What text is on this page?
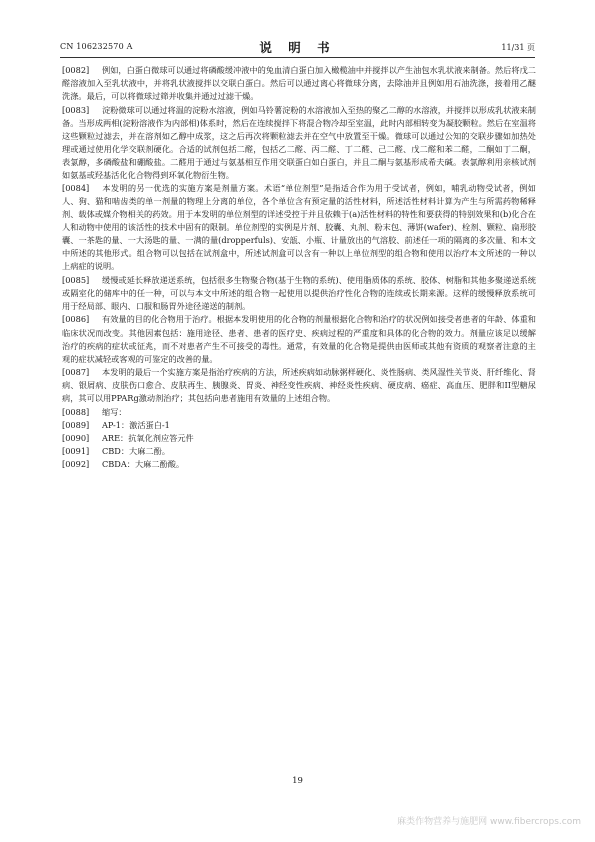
CN 106232570 A	说 明 书	11/31 页

[0082] 例如，白蛋白微球可以通过将磷酸缓冲液中的兔血清白蛋白加入橄榄油中并搅拌以产生油包水乳状液来制备。然后将戊二醛溶液加入至乳状液中，并将乳状液搅拌以交联白蛋白。然后可以通过离心将微球分离，去除油并且例如用石油洗涤，接着用乙醚洗涤。最后，可以将微球过筛并收集并通过过滤干燥。

[0083] 淀粉微球可以通过将温的淀粉水溶液，例如马铃薯淀粉的水溶液加入至热的聚乙二醇的水溶液，并搅拌以形成乳状液来制备。当形成两相(淀粉溶液作为内部相)体系时，然后在连续搅拌下将混合物冷却至室温，此时内部相转变为凝胶颗粒。然后在室温将这些颗粒过滤去，并在溶剂如乙醇中成浆，这之后再次将颗粒滤去并在空气中放置至干燥。微球可以通过公知的交联步骤如加热处理或通过使用化学交联剂硬化。合适的试剂包括二醛，包括乙二醛、丙二醛、丁二醛、己二醛、戊二醛和苯二醛，二酮如丁二酮，表氯醇，多磷酸盐和硼酸盐。二醛用于通过与氨基相互作用交联蛋白如白蛋白，并且二酮与氨基形成希夫碱。表氯醇利用亲核试剂如氨基或羟基活化化合物得到环氧化物衍生物。

[0084] 本发明的另一优选的实施方案是剂量方案。术语“单位剂型”是指适合作为用于受试者，例如，哺乳动物受试者，例如人、狗、猫和啮齿类的单一剂量的物理上分离的单位，各个单位含有预定量的活性材料，所述活性材料计算为产生与所需药物稀释剂、载体或媒介物相关的药效。用于本发明的单位剂型的详述受控于并且依赖于(a)活性材料的特性和要获得的特别效果和(b)化合在人和动物中使用的该活性的技术中固有的限制。单位剂型的实例是片剂、胶囊、丸剂、粉末包、薄饼(wafer)、栓剂、颗粒、扁形胶囊、一茶匙的量、一大汤匙的量、一满的量(dropperfuls)、安瓿、小瓶、计量放出的气溶胶、前述任一项的隔离的多次量、和本文中所述的其他形式。组合物可以包括在试剂盒中，所述试剂盒可以含有一种以上单位剂型的组合物和使用以治疗本文所述的一种以上病症的说明。

[0085] 缓慢或延长释放递送系统，包括很多生物聚合物(基于生物的系统)、使用脂质体的系统、胶体、树脂和其他多聚递送系统或隔室化的储库中的任一种，可以与本文中所述的组合物一起使用以提供治疗性化合物的连续或长期来源。这样的缓慢释放系统可用于经局部、眼内、口服和肠胃外途径递送的制剂。

[0086] 有效量的目的化合物用于治疗。根据本发明使用的化合物的剂量根据化合物和治疗的状况例如接受者患者的年龄、体重和临床状况而改变。其他因素包括：施用途径、患者、患者的医疗史、疾病过程的严重度和具体的化合物的效力。剂量应该足以缓解治疗的疾病的症状或征兆，而不对患者产生不可接受的毒性。通常，有效量的化合物是提供由医师或其他有资质的观察者注意的主观的症状减轻或客观的可鉴定的改善的量。

[0087] 本发明的最后一个实施方案是指治疗疾病的方法，所述疾病如动脉粥样硬化、炎性肠病、类风湿性关节炎、肝纤维化、肾病、银屑病、皮肤伤口愈合、皮肤再生、胰腺炎、胃炎、神经变性疾病、神经炎性疾病、硬皮病、癌症、高血压、肥胖和II型糖尿病，其可以用PPARg激动剂治疗；其包括向患者施用有效量的上述组合物。

[0088] 缩写：

[0089] AP-1：激活蛋白-1

[0090] ARE：抗氧化剂应答元件

[0091] CBD：大麻二酚。

[0092] CBDA：大麻二酚酸。

19
麻类作物营养与施肥网 www.fibercrops.com
